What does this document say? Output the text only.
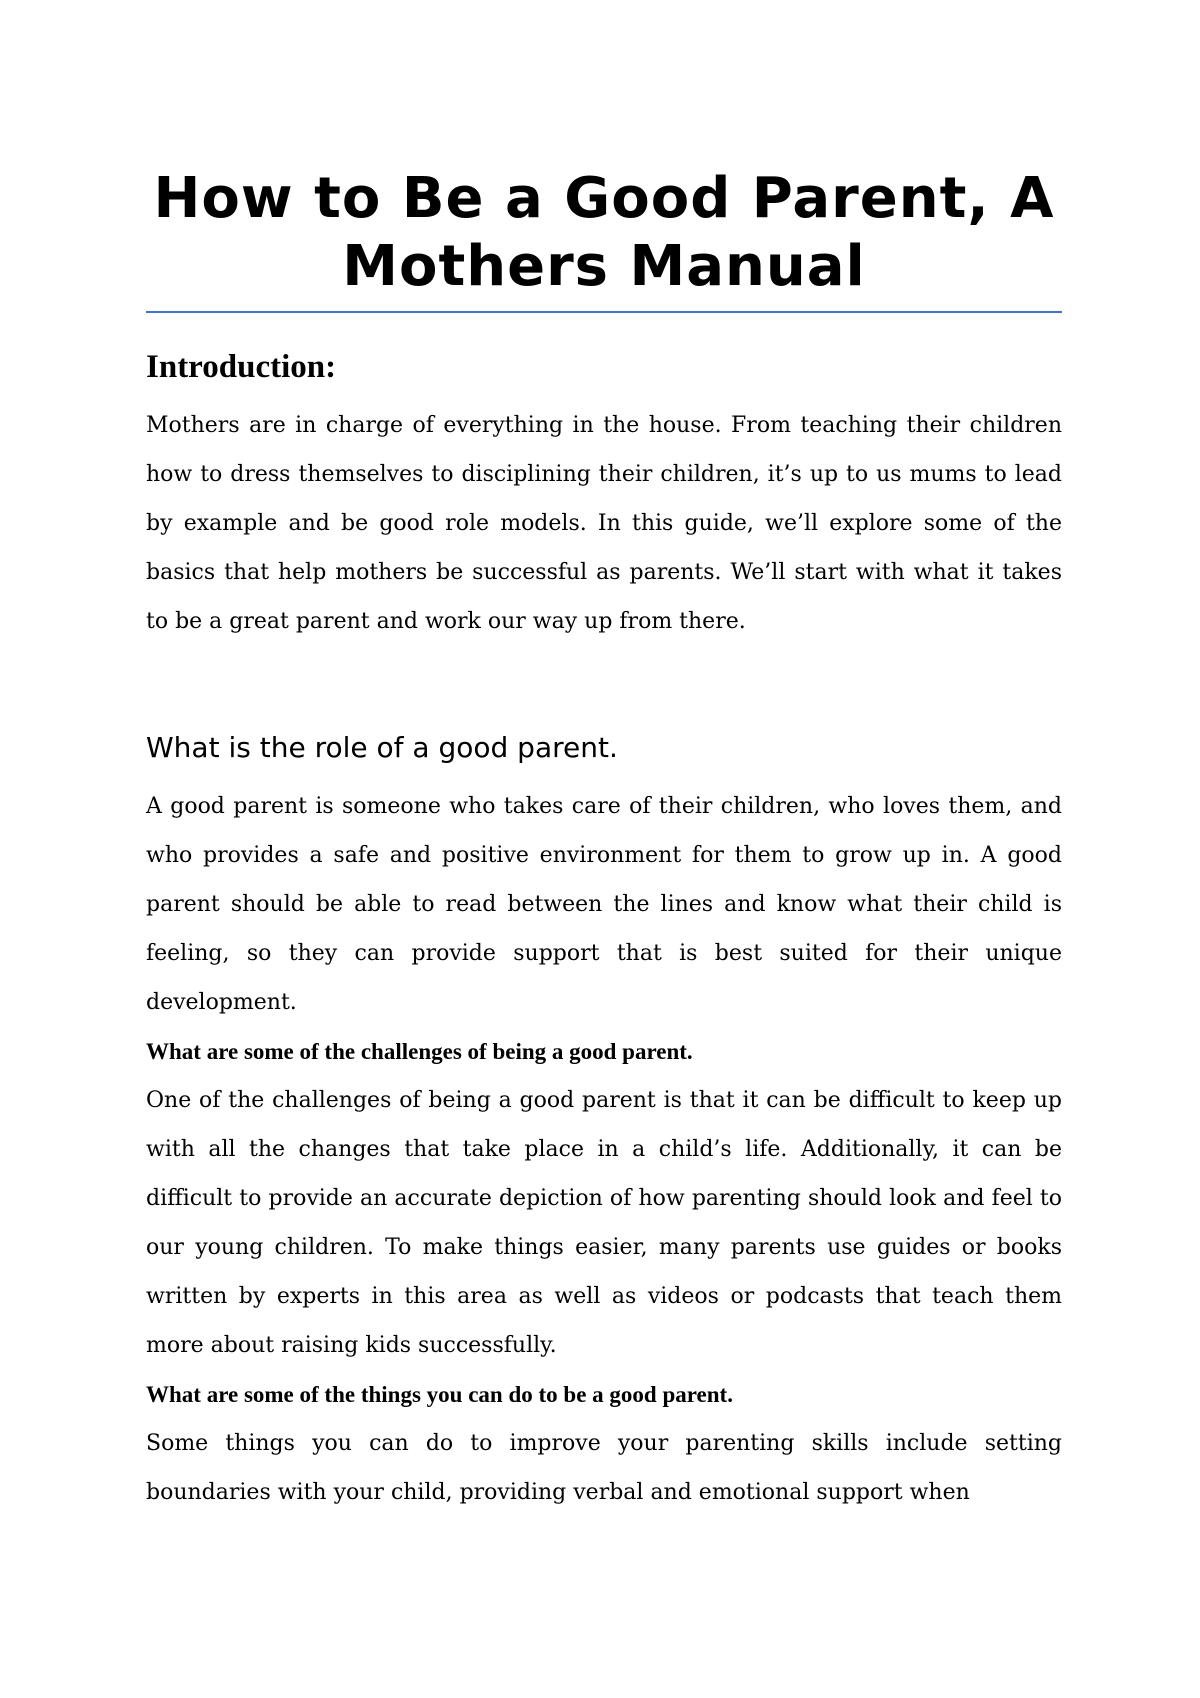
How to Be a Good Parent, A Mothers Manual
Introduction:

Mothers are in charge of everything in the house. From teaching their children how to dress themselves to disciplining their children, it’s up to us mums to lead by example and be good role models. In this guide, we’ll explore some of the basics that help mothers be successful as parents. We’ll start with what it takes to be a great parent and work our way up from there.

What is the role of a good parent.

A good parent is someone who takes care of their children, who loves them, and who provides a safe and positive environment for them to grow up in. A good parent should be able to read between the lines and know what their child is feeling, so they can provide support that is best suited for their unique development.

What are some of the challenges of being a good parent.

One of the challenges of being a good parent is that it can be difficult to keep up with all the changes that take place in a child’s life. Additionally, it can be difficult to provide an accurate depiction of how parenting should look and feel to our young children. To make things easier, many parents use guides or books written by experts in this area as well as videos or podcasts that teach them more about raising kids successfully.

What are some of the things you can do to be a good parent.

Some things you can do to improve your parenting skills include setting boundaries with your child, providing verbal and emotional support when
